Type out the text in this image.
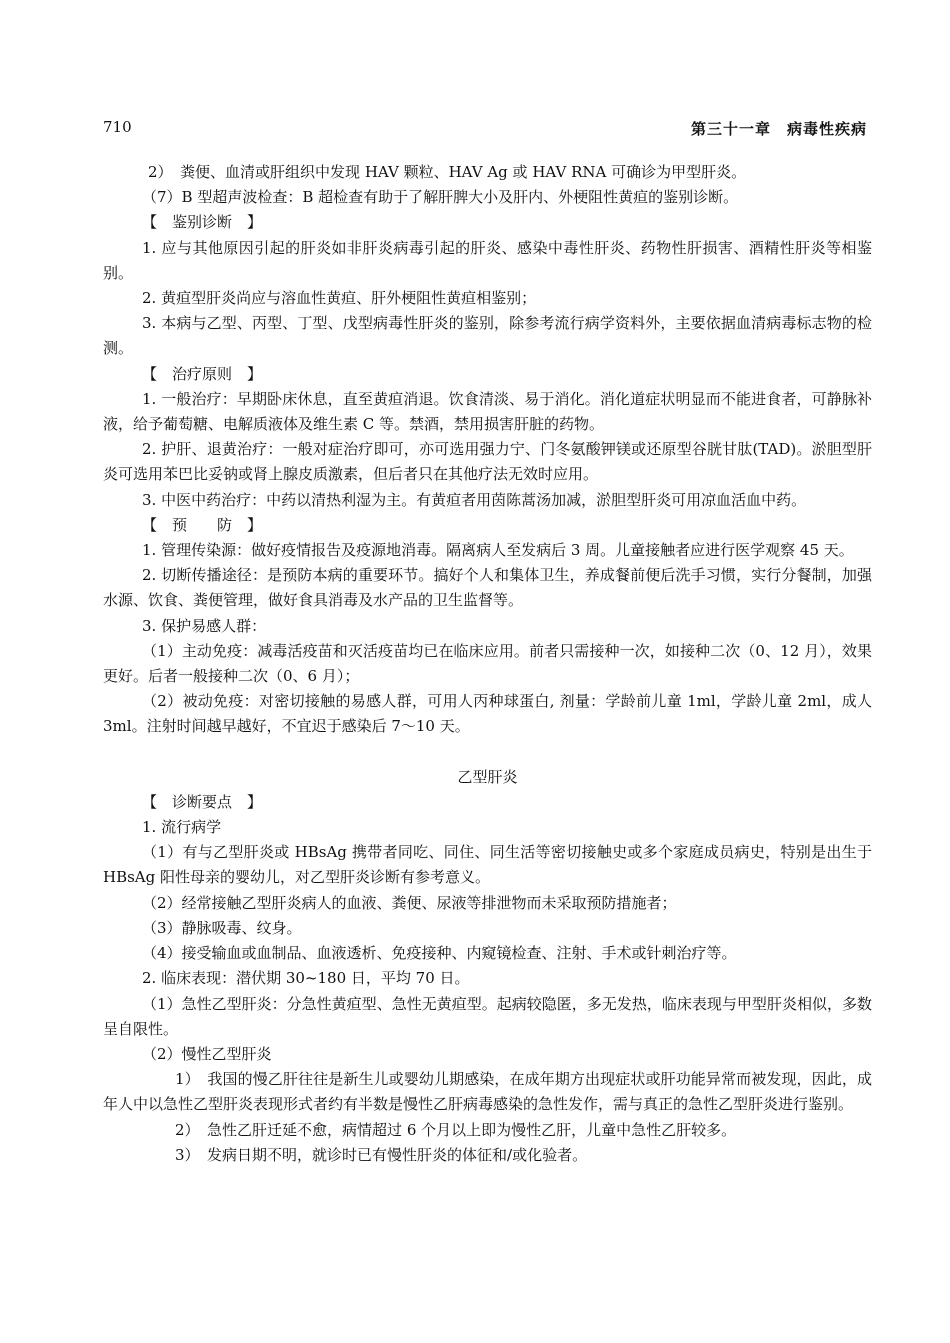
710	第三十一章　病毒性疾病

2）　粪便、血清或肝组织中发现 HAV 颗粒、HAV Ag 或 HAV RNA 可确诊为甲型肝炎。

（7）B 型超声波检查：B 超检查有助于了解肝脾大小及肝内、外梗阻性黄疸的鉴别诊断。

【　鉴别诊断　】

1. 应与其他原因引起的肝炎如非肝炎病毒引起的肝炎、感染中毒性肝炎、药物性肝损害、酒精性肝炎等相鉴别。

2. 黄疸型肝炎尚应与溶血性黄疸、肝外梗阻性黄疸相鉴别；

3. 本病与乙型、丙型、丁型、戊型病毒性肝炎的鉴别，除参考流行病学资料外，主要依据血清病毒标志物的检测。

【　治疗原则　】

1. 一般治疗：早期卧床休息，直至黄疸消退。饮食清淡、易于消化。消化道症状明显而不能进食者，可静脉补液，给予葡萄糖、电解质液体及维生素 C 等。禁酒，禁用损害肝脏的药物。

2. 护肝、退黄治疗：一般对症治疗即可，亦可选用强力宁、门冬氨酸钾镁或还原型谷胱甘肽(TAD)。淤胆型肝炎可选用苯巴比妥钠或肾上腺皮质激素，但后者只在其他疗法无效时应用。

3. 中医中药治疗：中药以清热利湿为主。有黄疸者用茵陈蒿汤加减，淤胆型肝炎可用凉血活血中药。

【　预　　防　】

1. 管理传染源：做好疫情报告及疫源地消毒。隔离病人至发病后 3 周。儿童接触者应进行医学观察 45 天。

2. 切断传播途径：是预防本病的重要环节。搞好个人和集体卫生，养成餐前便后洗手习惯，实行分餐制，加强水源、饮食、粪便管理，做好食具消毒及水产品的卫生监督等。

3. 保护易感人群：

（1）主动免疫：减毒活疫苗和灭活疫苗均已在临床应用。前者只需接种一次，如接种二次（0、12 月），效果更好。后者一般接种二次（0、6 月）；

（2）被动免疫：对密切接触的易感人群，可用人丙种球蛋白, 剂量：学龄前儿童 1ml，学龄儿童 2ml，成人 3ml。注射时间越早越好，不宜迟于感染后 7～10 天。

乙型肝炎

【　诊断要点　】

1. 流行病学

（1）有与乙型肝炎或 HBsAg 携带者同吃、同住、同生活等密切接触史或多个家庭成员病史，特别是出生于 HBsAg 阳性母亲的婴幼儿，对乙型肝炎诊断有参考意义。

（2）经常接触乙型肝炎病人的血液、粪便、尿液等排泄物而未采取预防措施者；

（3）静脉吸毒、纹身。

（4）接受输血或血制品、血液透析、免疫接种、内窥镜检查、注射、手术或针刺治疗等。

2. 临床表现：潜伏期 30~180 日，平均 70 日。

（1）急性乙型肝炎：分急性黄疸型、急性无黄疸型。起病较隐匿，多无发热，临床表现与甲型肝炎相似，多数呈自限性。

（2）慢性乙型肝炎

1）　我国的慢乙肝往往是新生儿或婴幼儿期感染，在成年期方出现症状或肝功能异常而被发现，因此，成年人中以急性乙型肝炎表现形式者约有半数是慢性乙肝病毒感染的急性发作，需与真正的急性乙型肝炎进行鉴别。

2）　急性乙肝迁延不愈，病情超过 6 个月以上即为慢性乙肝，儿童中急性乙肝较多。

3）　发病日期不明，就诊时已有慢性肝炎的体征和/或化验者。
